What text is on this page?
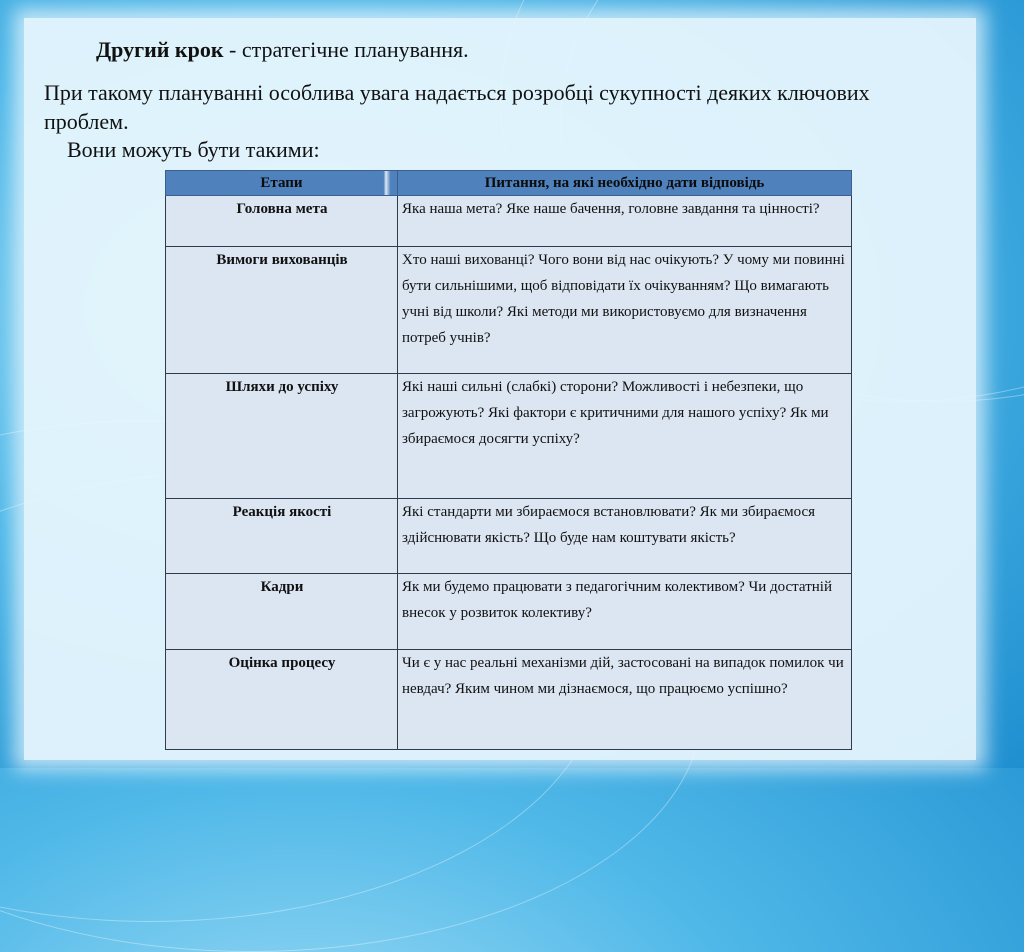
Другий крок - стратегічне планування.
При такому плануванні особлива увага надається розробці сукупності деяких ключових проблем.
Вони можуть бути такими:
Етапи	Питання, на які необхідно дати відповідь
Головна мета	Яка наша мета? Яке наше бачення, головне завдання та цінності?
Вимоги вихованців	Хто наші вихованці? Чого вони від нас очікують? У чому ми повинні бути сильнішими, щоб відповідати їх очікуванням? Що вимагають учні від школи? Які методи ми використовуємо для визначення потреб учнів?
Шляхи до успіху	Які наші сильні (слабкі) сторони? Можливості і небезпеки, що загрожують? Які фактори є критичними для нашого успіху? Як ми збираємося досягти успіху?
Реакція якості	Які стандарти ми збираємося встановлювати? Як ми збираємося здійснювати якість? Що буде нам коштувати якість?
Кадри	Як ми будемо працювати з педагогічним колективом? Чи достатній внесок у розвиток колективу?
Оцінка процесу	Чи є у нас реальні механізми дій, застосовані на випадок помилок чи невдач? Яким чином ми дізнаємося, що працюємо успішно?
